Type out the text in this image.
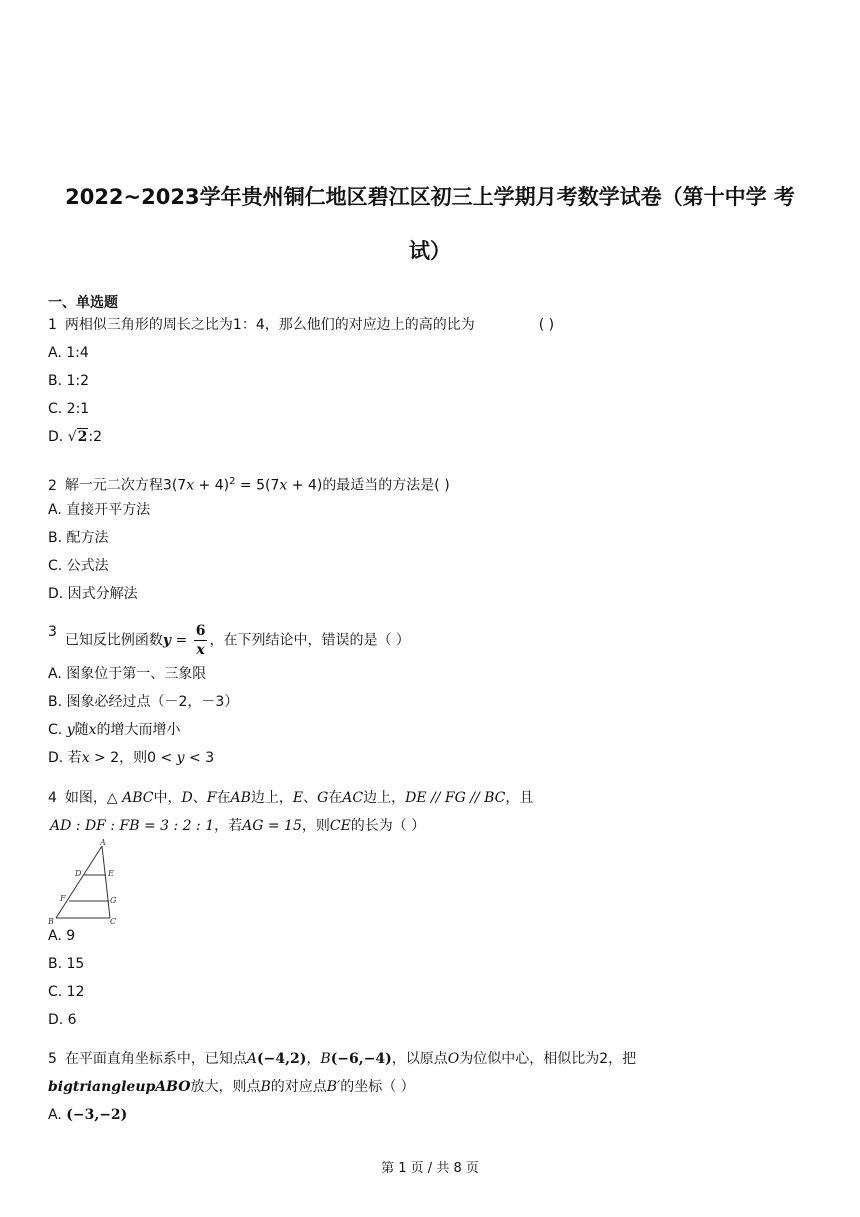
2022~2023学年贵州铜仁地区碧江区初三上学期月考数学试卷（第十中学 考
试）
一、单选题
1 两相似三角形的周长之比为1：4，那么他们的对应边上的高的比为	( )
A. 1:4
B. 1:2
C. 2:1
D. √2:2
2 解一元二次方程$3(7x + 4)^2 = 5(7x + 4)$的最适当的方法是( )
A. 直接开平方法
B. 配方法
C. 公式法
D. 因式分解法
3已知反比例函数$y = \frac{6}{x}$ ，在下列结论中，错误的是（ ）
A. 图象位于第一、三象限
B. 图象必经过点（－2，－3）
C. y随x的增大而增小
D. 若x > 2，则0 < y < 3
4 如图，△ ABC中，D、F在AB边上，E、G在AC边上，DE // FG // BC，且
AD : DF : FB = 3 : 2 : 1，若AG = 15，则CE的长为（ ）
A
D	E
F	G
B	C
A. 9
B. 15
C. 12
D. 6
5 在平面直角坐标系中，已知点A(−4,2)，B(−6,−4)，以原点O为位似中心，相似比为2，把
bigtriangleupABO放大，则点B的对应点B′的坐标（ ）
A. (−3,−2)
第 1 页 / 共 8 页
